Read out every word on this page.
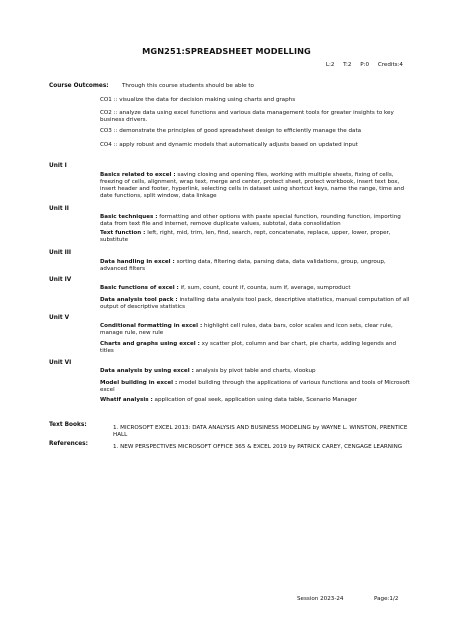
MGN251:SPREADSHEET MODELLING
L:2 T:2 P:0 Credits:4
Course Outcomes: Through this course students should be able to
CO1 :: visualize the data for decision making using charts and graphs
CO2 :: analyze data using excel functions and various data management tools for greater insights to key business drivers.
CO3 :: demonstrate the principles of good spreadsheet design to efficiently manage the data
CO4 :: apply robust and dynamic models that automatically adjusts based on updated input
Unit I
Basics related to excel : saving closing and opening files, working with multiple sheets, fixing of cells, freezing of cells, alignment, wrap text, merge and center, protect sheet, protect workbook, insert text box, insert header and footer, hyperlink, selecting cells in dataset using shortcut keys, name the range, time and date functions, split window, data linkage
Unit II
Basic techniques : formatting and other options with paste special function, rounding function, importing data from text file and internet, remove duplicate values, subtotal, data consolidation
Text function : left, right, mid, trim, len, find, search, rept, concatenate, replace, upper, lower, proper, substitute
Unit III
Data handling in excel : sorting data, filtering data, parsing data, data validations, group, ungroup, advanced filters
Unit IV
Basic functions of excel : if, sum, count, count if, counta, sum if, average, sumproduct
Data analysis tool pack : installing data analysis tool pack, descriptive statistics, manual computation of all output of descriptive statistics
Unit V
Conditional formatting in excel : highlight cell rules, data bars, color scales and icon sets, clear rule, manage rule, new rule
Charts and graphs using excel : xy scatter plot, column and bar chart, pie charts, adding legends and titles
Unit VI
Data analysis by using excel : analysis by pivot table and charts, vlookup
Model building in excel : model building through the applications of various functions and tools of Microsoft excel
Whatif analysis : application of goal seek, application using data table, Scenario Manager
Text Books:	1. MICROSOFT EXCEL 2013: DATA ANALYSIS AND BUSINESS MODELING by WAYNE L. WINSTON, PRENTICE HALL
References:	1. NEW PERSPECTIVES MICROSOFT OFFICE 365 & EXCEL 2019 by PATRICK CAREY, CENGAGE LEARNING
Session 2023-24	Page:1/2
